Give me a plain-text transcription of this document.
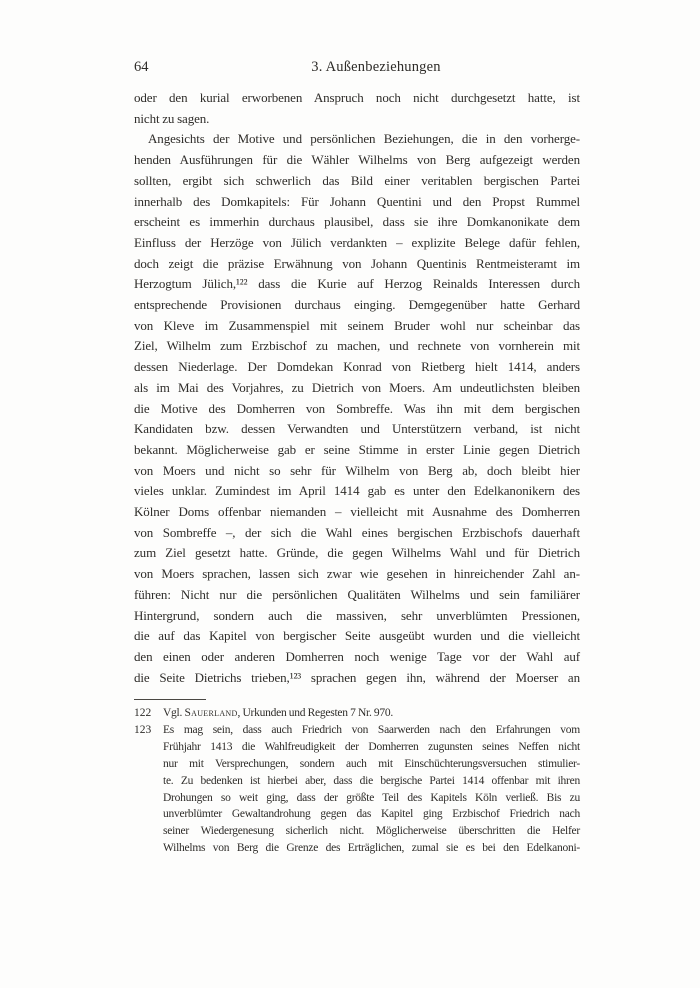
64	3. Außenbeziehungen
oder den kurial erworbenen Anspruch noch nicht durchgesetzt hatte, ist
nicht zu sagen.
Angesichts der Motive und persönlichen Beziehungen, die in den vorherge-
henden Ausführungen für die Wähler Wilhelms von Berg aufgezeigt werden
sollten, ergibt sich schwerlich das Bild einer veritablen bergischen Partei
innerhalb des Domkapitels: Für Johann Quentini und den Propst Rummel
erscheint es immerhin durchaus plausibel, dass sie ihre Domkanonikate dem
Einfluss der Herzöge von Jülich verdankten – explizite Belege dafür fehlen,
doch zeigt die präzise Erwähnung von Johann Quentinis Rentmeisteramt im
Herzogtum Jülich,¹²² dass die Kurie auf Herzog Reinalds Interessen durch
entsprechende Provisionen durchaus einging. Demgegenüber hatte Gerhard
von Kleve im Zusammenspiel mit seinem Bruder wohl nur scheinbar das
Ziel, Wilhelm zum Erzbischof zu machen, und rechnete von vornherein mit
dessen Niederlage. Der Domdekan Konrad von Rietberg hielt 1414, anders
als im Mai des Vorjahres, zu Dietrich von Moers. Am undeutlichsten bleiben
die Motive des Domherren von Sombreffe. Was ihn mit dem bergischen
Kandidaten bzw. dessen Verwandten und Unterstützern verband, ist nicht
bekannt. Möglicherweise gab er seine Stimme in erster Linie gegen Dietrich
von Moers und nicht so sehr für Wilhelm von Berg ab, doch bleibt hier
vieles unklar. Zumindest im April 1414 gab es unter den Edelkanonikern des
Kölner Doms offenbar niemanden – vielleicht mit Ausnahme des Domherren
von Sombreffe –, der sich die Wahl eines bergischen Erzbischofs dauerhaft
zum Ziel gesetzt hatte. Gründe, die gegen Wilhelms Wahl und für Dietrich
von Moers sprachen, lassen sich zwar wie gesehen in hinreichender Zahl an-
führen: Nicht nur die persönlichen Qualitäten Wilhelms und sein familiärer
Hintergrund, sondern auch die massiven, sehr unverblümten Pressionen,
die auf das Kapitel von bergischer Seite ausgeübt wurden und die vielleicht
den einen oder anderen Domherren noch wenige Tage vor der Wahl auf
die Seite Dietrichs trieben,¹²³ sprachen gegen ihn, während der Moerser an
122 Vgl. Sauerland, Urkunden und Regesten 7 Nr. 970.
123 Es mag sein, dass auch Friedrich von Saarwerden nach den Erfahrungen vom
Frühjahr 1413 die Wahlfreudigkeit der Domherren zugunsten seines Neffen nicht
nur mit Versprechungen, sondern auch mit Einschüchterungsversuchen stimulier-
te. Zu bedenken ist hierbei aber, dass die bergische Partei 1414 offenbar mit ihren
Drohungen so weit ging, dass der größte Teil des Kapitels Köln verließ. Bis zu
unverblümter Gewaltandrohung gegen das Kapitel ging Erzbischof Friedrich nach
seiner Wiedergenesung sicherlich nicht. Möglicherweise überschritten die Helfer
Wilhelms von Berg die Grenze des Erträglichen, zumal sie es bei den Edelkanoni-
